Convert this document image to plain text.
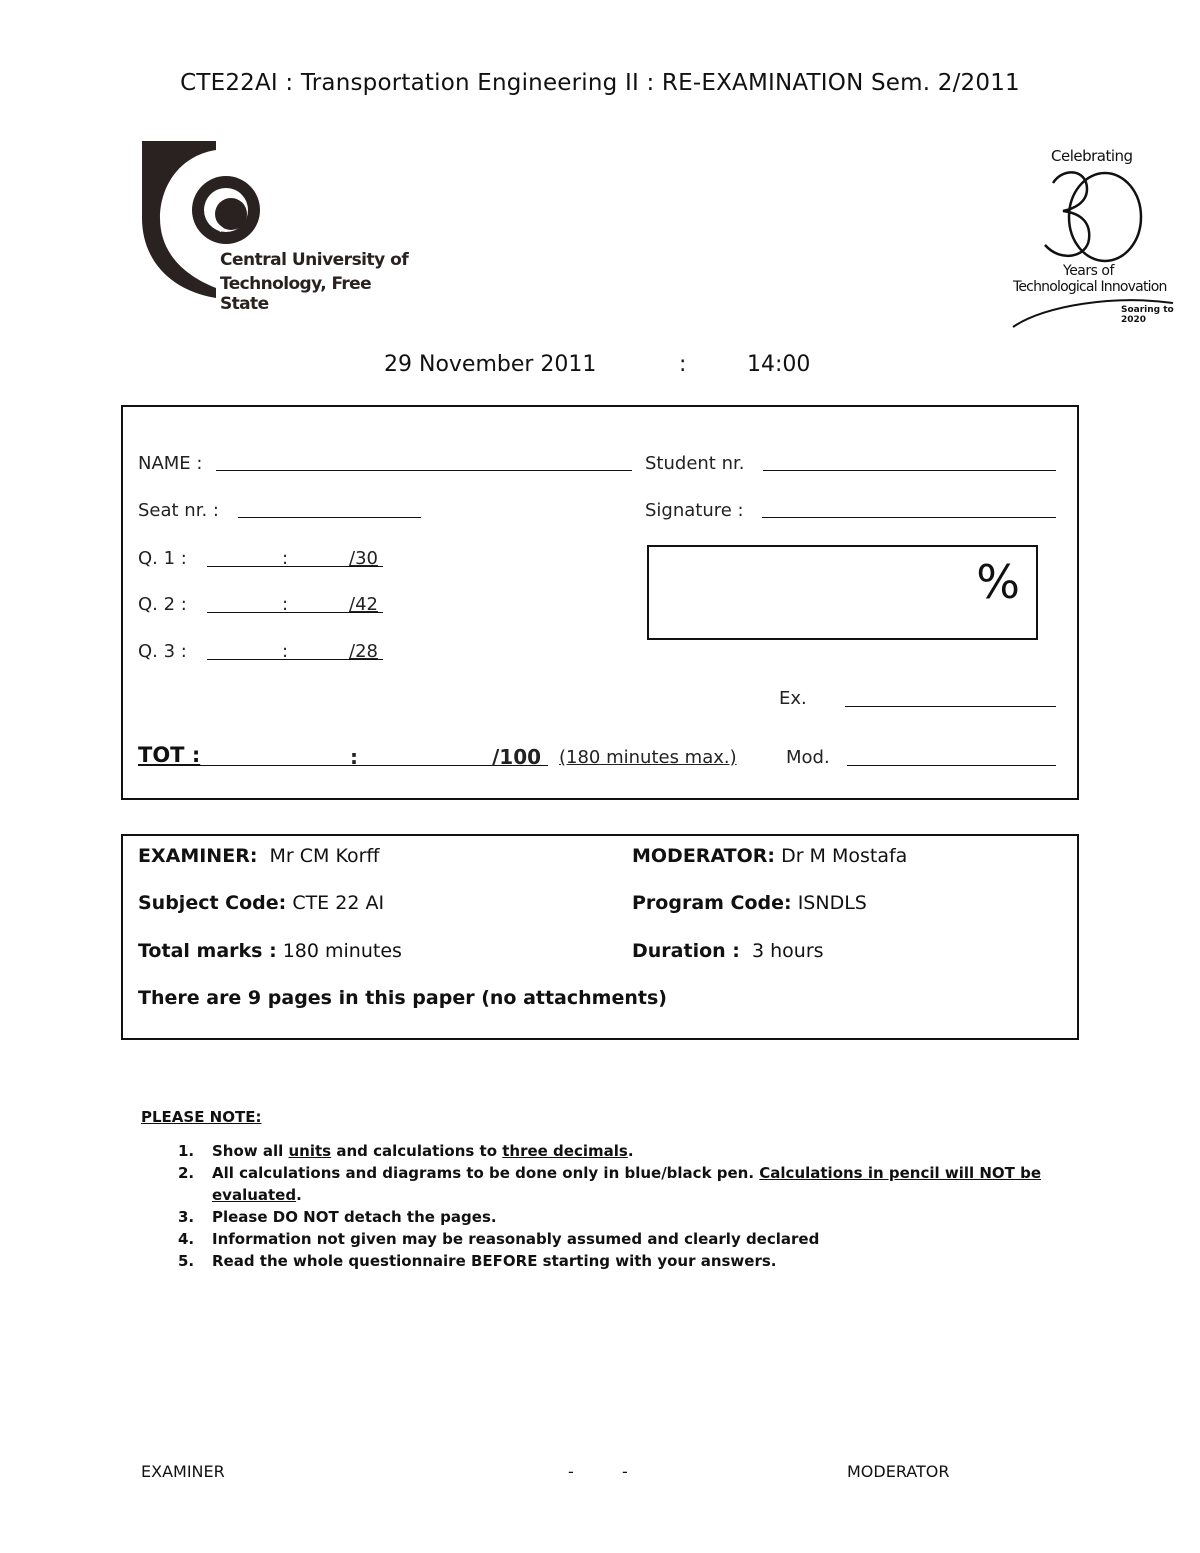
CTE22AI : Transportation Engineering II : RE-EXAMINATION Sem. 2/2011
Central University of
Technology, Free State
Celebrating
Years of
Technological Innovation
Soaring to 2020
29 November 2011	:	14:00
NAME :	Student nr.
Seat nr. :	Signature :
Q. 1 :	:	/30
Q. 2 :	:	/42
Q. 3 :	:	/28
%
Ex.
TOT :	:	/100 (180 minutes max.)	Mod.
EXAMINER: Mr CM Korff	MODERATOR: Dr M Mostafa
Subject Code: CTE 22 AI	Program Code: ISNDLS
Total marks : 180 minutes	Duration : 3 hours
There are 9 pages in this paper (no attachments)
PLEASE NOTE:
1. Show all units and calculations to three decimals.
2. All calculations and diagrams to be done only in blue/black pen. Calculations in pencil will NOT be evaluated.
3. Please DO NOT detach the pages.
4. Information not given may be reasonably assumed and clearly declared
5. Read the whole questionnaire BEFORE starting with your answers.
EXAMINER	-	-	MODERATOR
